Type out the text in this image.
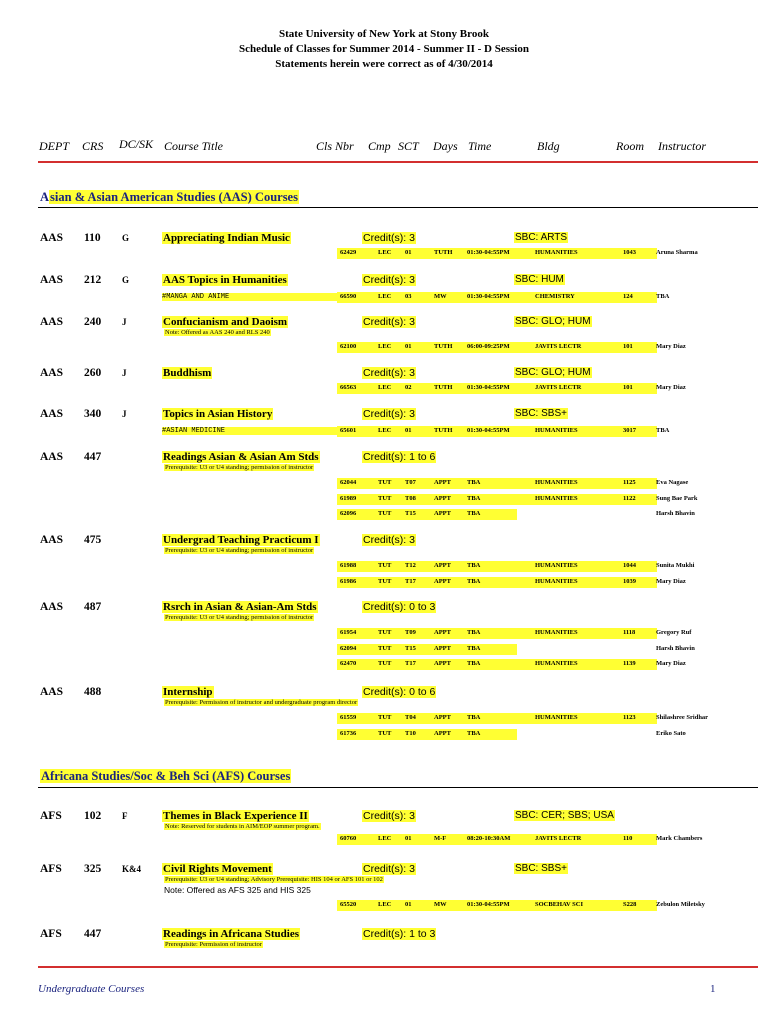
State University of New York at Stony Brook
Schedule of Classes for Summer 2014 - Summer II - D Session
Statements herein were correct as of 4/30/2014
DEPT CRS DC/SK Course Title	Cls Nbr Cmp SCT Days Time	Bldg	Room Instructor
Asian & Asian American Studies (AAS) Courses
AAS 110 G	Appreciating Indian Music	Credit(s): 3	SBC: ARTS
62429	LEC 01	TUTH 01:30-04:55PM	HUMANITIES	1043	Aruna Sharma
AAS 212 G	AAS Topics in Humanities	Credit(s): 3	SBC: HUM
#MANGA AND ANIME	66590	LEC 03	MW	01:30-04:55PM	CHEMISTRY	124	TBA
AAS 240 J	Confucianism and Daoism	Credit(s): 3	SBC: GLO; HUM
Note: Offered as AAS 240 and RLS 240
62100	LEC 01	TUTH 06:00-09:25PM	JAVITS LECTR	101	Mary Diaz
AAS 260 J	Buddhism	Credit(s): 3	SBC: GLO; HUM
66563	LEC 02	TUTH 01:30-04:55PM	JAVITS LECTR	101	Mary Diaz
AAS 340 J	Topics in Asian History	Credit(s): 3	SBC: SBS+
#ASIAN MEDICINE	65601	LEC 01	TUTH 01:30-04:55PM	HUMANITIES	3017	TBA
AAS 447	Readings Asian & Asian Am Stds	Credit(s): 1 to 6
Prerequisite: U3 or U4 standing; permission of instructor
62044	TUT T07	APPT TBA	HUMANITIES	1125	Eva Nagase
61989	TUT T08	APPT TBA	HUMANITIES	1122	Sung Bae Park
62096	TUT T15	APPT TBA	Harsh Bhavin
AAS 475	Undergrad Teaching Practicum I	Credit(s): 3
Prerequisite: U3 or U4 standing; permission of instructor
61988	TUT T12	APPT TBA	HUMANITIES	1044	Sunita Mukhi
61986	TUT T17	APPT TBA	HUMANITIES	1039	Mary Diaz
AAS 487	Rsrch in Asian & Asian-Am Stds	Credit(s): 0 to 3
Prerequisite: U3 or U4 standing; permission of instructor
61954	TUT T09	APPT TBA	HUMANITIES	1118	Gregory Ruf
62094	TUT T15	APPT TBA	Harsh Bhavin
62470	TUT T17	APPT TBA	HUMANITIES	1139	Mary Diaz
AAS 488	Internship	Credit(s): 0 to 6
Prerequisite: Permission of instructor and undergraduate program director
61559	TUT T04	APPT TBA	HUMANITIES	1123	Shilashree Sridhar
61736	TUT T10	APPT TBA	Eriko Sato
Africana Studies/Soc & Beh Sci (AFS) Courses
AFS 102 F	Themes in Black Experience II	Credit(s): 3	SBC: CER; SBS; USA
Note: Reserved for students in AIM/EOP summer program.
60760	LEC 01	M-F	08:20-10:30AM	JAVITS LECTR	110	Mark Chambers
AFS 325 K&4 Civil Rights Movement	Credit(s): 3	SBC: SBS+
Prerequisite: U3 or U4 standing; Advisory Prerequisite: HIS 104 or AFS 101 or 102
Note: Offered as AFS 325 and HIS 325
65520	LEC 01	MW	01:30-04:55PM	SOCBEHAV SCI	S228	Zebulon Miletsky
AFS 447	Readings in Africana Studies	Credit(s): 1 to 3
Prerequisite: Permission of instructor
Undergraduate Courses	1
